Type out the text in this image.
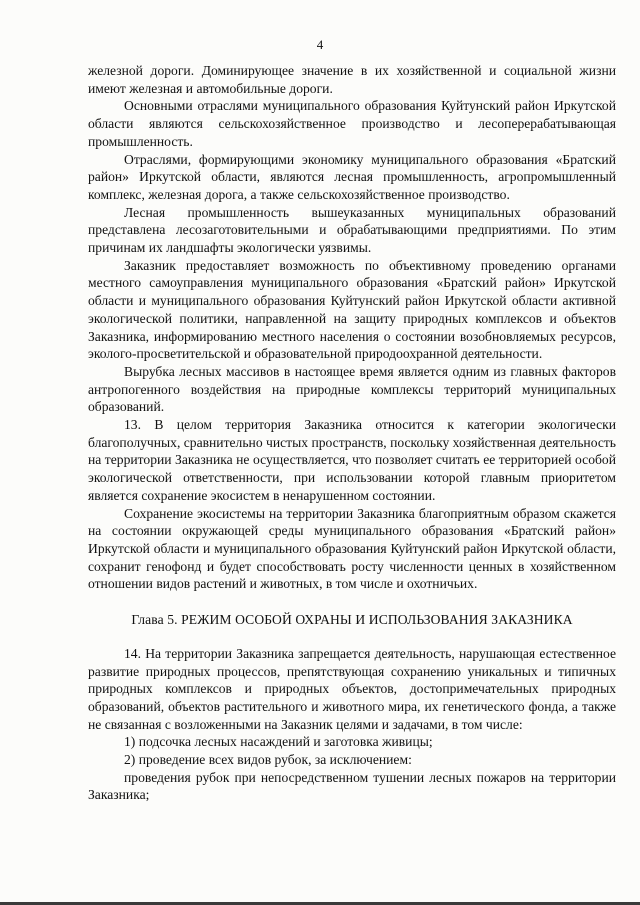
4

железной дороги. Доминирующее значение в их хозяйственной и социальной жизни имеют железная и автомобильные дороги.

Основными отраслями муниципального образования Куйтунский район Иркутской области являются сельскохозяйственное производство и лесоперерабатывающая промышленность.

Отраслями, формирующими экономику муниципального образования «Братский район» Иркутской области, являются лесная промышленность, агропромышленный комплекс, железная дорога, а также сельскохозяйственное производство.

Лесная промышленность вышеуказанных муниципальных образований представлена лесозаготовительными и обрабатывающими предприятиями. По этим причинам их ландшафты экологически уязвимы.

Заказник предоставляет возможность по объективному проведению органами местного самоуправления муниципального образования «Братский район» Иркутской области и муниципального образования Куйтунский район Иркутской области активной экологической политики, направленной на защиту природных комплексов и объектов Заказника, информированию местного населения о состоянии возобновляемых ресурсов, эколого-просветительской и образовательной природоохранной деятельности.

Вырубка лесных массивов в настоящее время является одним из главных факторов антропогенного воздействия на природные комплексы территорий муниципальных образований.

13. В целом территория Заказника относится к категории экологически благополучных, сравнительно чистых пространств, поскольку хозяйственная деятельность на территории Заказника не осуществляется, что позволяет считать ее территорией особой экологической ответственности, при использовании которой главным приоритетом является сохранение экосистем в ненарушенном состоянии.

Сохранение экосистемы на территории Заказника благоприятным образом скажется на состоянии окружающей среды муниципального образования «Братский район» Иркутской области и муниципального образования Куйтунский район Иркутской области, сохранит генофонд и будет способствовать росту численности ценных в хозяйственном отношении видов растений и животных, в том числе и охотничьих.

Глава 5. РЕЖИМ ОСОБОЙ ОХРАНЫ И ИСПОЛЬЗОВАНИЯ ЗАКАЗНИКА

14. На территории Заказника запрещается деятельность, нарушающая естественное развитие природных процессов, препятствующая сохранению уникальных и типичных природных комплексов и природных объектов, достопримечательных природных образований, объектов растительного и животного мира, их генетического фонда, а также не связанная с возложенными на Заказник целями и задачами, в том числе:

1) подсочка лесных насаждений и заготовка живицы;

2) проведение всех видов рубок, за исключением:

проведения рубок при непосредственном тушении лесных пожаров на территории Заказника;
